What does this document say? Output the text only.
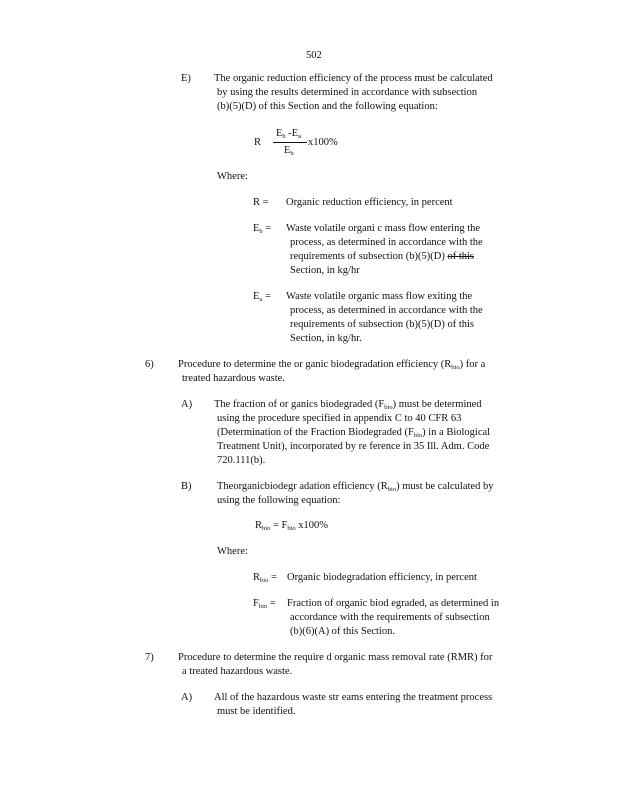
502
E) The organic reduction efficiency of the process must be calculated
by using the results determined in accordance with subsection
(b)(5)(D) of this Section and the following equation:
R
Eb -Ea
Eb
x100%
Where:
R = Organic reduction efficiency, in percent
Eb = Waste volatile organi c mass flow entering the
process, as determined in accordance with the
requirements of subsection (b)(5)(D) of this
Section, in kg/hr
Ea = Waste volatile organic mass flow exiting the
process, as determined in accordance with the
requirements of subsection (b)(5)(D) of this
Section, in kg/hr.
6) Procedure to determine the or ganic biodegradation efficiency (Rbio) for a
treated hazardous waste.
A) The fraction of or ganics biodegraded (Fbio) must be determined
using the procedure specified in appendix C to 40 CFR 63
(Determination of the Fraction Biodegraded (Fbio) in a Biological
Treatment Unit), incorporated by re ference in 35 Ill. Adm. Code
720.111(b).
B) Theorganicbiodegr adation efficiency (Rbio) must be calculated by
using the following equation:
Rbio = Fbio x100%
Where:
Rbio = Organic biodegradation efficiency, in percent
Fbio = Fraction of organic biod egraded, as determined in
accordance with the requirements of subsection
(b)(6)(A) of this Section.
7) Procedure to determine the require d organic mass removal rate (RMR) for
a treated hazardous waste.
A) All of the hazardous waste str eams entering the treatment process
must be identified.
